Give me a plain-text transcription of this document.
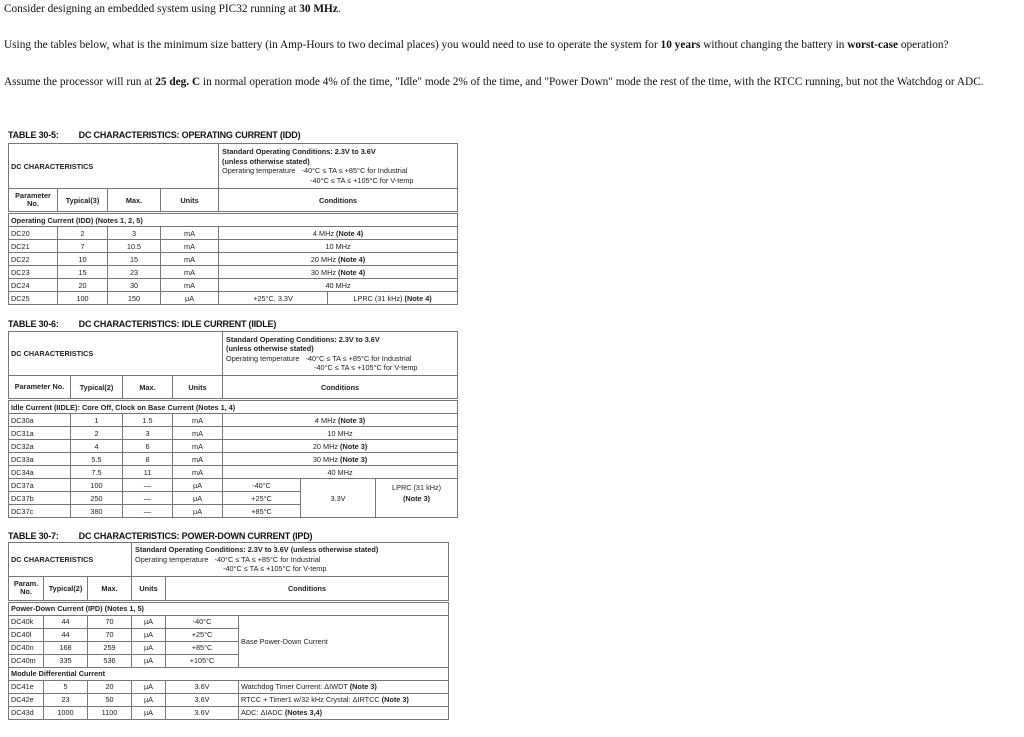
Consider designing an embedded system using PIC32 running at 30 MHz.

Using the tables below, what is the minimum size battery (in Amp-Hours to two decimal places) you would need to use to operate the system for 10 years without changing the battery in worst-case operation?

Assume the processor will run at 25 deg. C in normal operation mode 4% of the time, "Idle" mode 2% of the time, and "Power Down" mode the rest of the time, with the RTCC running, but not the Watchdog or ADC.

TABLE 30-5: DC CHARACTERISTICS: OPERATING CURRENT (IDD)
DC CHARACTERISTICS				Standard Operating Conditions: 2.3V to 3.6V
(unless otherwise stated)
Operating temperature -40°C ≤ TA ≤ +85°C for Industrial
-40°C ≤ TA ≤ +105°C for V-temp	
Parameter No.	Typical(3)	Max.	Units	Conditions	
Operating Current (IDD) (Notes 1, 2, 5)					
DC20	2	3	mA	4 MHz (Note 4)	
DC21	7	10.5	mA	10 MHz	
DC22	10	15	mA	20 MHz (Note 4)	
DC23	15	23	mA	30 MHz (Note 4)	
DC24	20	30	mA	40 MHz	
DC25	100	150	µA	+25°C, 3.3V	LPRC (31 kHz) (Note 4)
TABLE 30-6: DC CHARACTERISTICS: IDLE CURRENT (IIDLE)
DC CHARACTERISTICS				Standard Operating Conditions: 2.3V to 3.6V
(unless otherwise stated)
Operating temperature -40°C ≤ TA ≤ +85°C for Industrial
-40°C ≤ TA ≤ +105°C for V-temp		
Parameter No.	Typical(2)	Max.	Units	Conditions		
Idle Current (IIDLE): Core Off, Clock on Base Current (Notes 1, 4)						
DC30a	1	1.5	mA	4 MHz (Note 3)		
DC31a	2	3	mA	10 MHz		
DC32a	4	6	mA	20 MHz (Note 3)		
DC33a	5.5	8	mA	30 MHz (Note 3)		
DC34a	7.5	11	mA	40 MHz		
DC37a	100	—	µA	-40°C	3.3V	LPRC (31 kHz)
(Note 3)
DC37b	250	—	µA	+25°C		
DC37c	380	—	µA	+85°C		
TABLE 30-7: DC CHARACTERISTICS: POWER-DOWN CURRENT (IPD)
DC CHARACTERISTICS			Standard Operating Conditions: 2.3V to 3.6V (unless otherwise stated)
Operating temperature -40°C ≤ TA ≤ +85°C for Industrial
-40°C ≤ TA ≤ +105°C for V-temp		
Param. No.	Typical(2)	Max.	Units	Conditions	
Power-Down Current (IPD) (Notes 1, 5)					
DC40k	44	70	µA	-40°C	Base Power-Down Current
DC40l	44	70	µA	+25°C	
DC40n	168	259	µA	+85°C	
DC40m	335	536	µA	+105°C	
Module Differential Current					
DC41e	5	20	µA	3.6V	Watchdog Timer Current: ΔIWDT (Note 3)
DC42e	23	50	µA	3.6V	RTCC + Timer1 w/32 kHz Crystal: ΔIRTCC (Note 3)
DC43d	1000	1100	µA	3.6V	ADC: ΔIADC (Notes 3,4)
